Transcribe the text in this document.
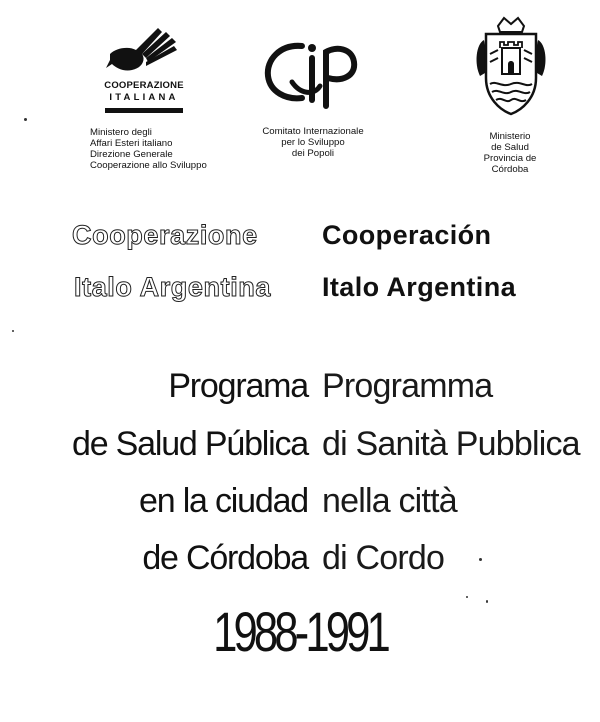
COOPERAZIONE
ITALIANA
Ministero degli
Affari Esteri italiano
Direzione Generale
Cooperazione allo Sviluppo
Comitato Internazionale
per lo Sviluppo
dei Popoli
Ministerio
de Salud
Provincia de
Córdoba
Cooperazione
Italo Argentina
Cooperación
Italo Argentina
Programa
de Salud Pública
en la ciudad
de Córdoba
Programma
di Sanità Pubblica
nella città
di Cordo
1988-1991
